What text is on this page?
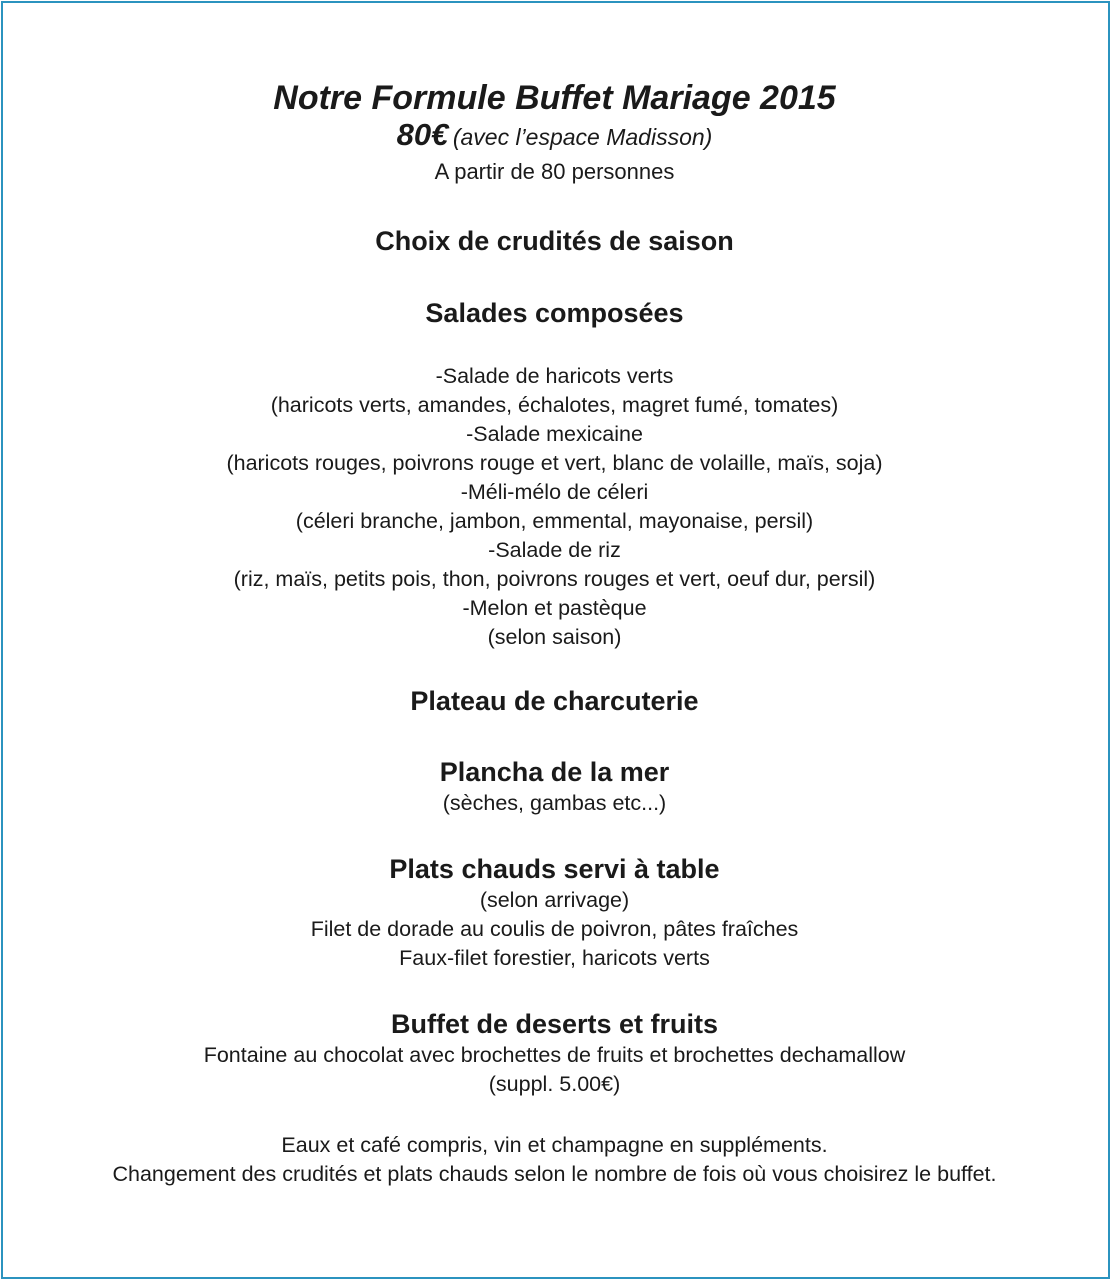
Notre Formule Buffet Mariage 2015

80€ (avec l’espace Madisson)

A partir de 80 personnes

Choix de crudités de saison

Salades composées

-Salade de haricots verts

(haricots verts, amandes, échalotes, magret fumé, tomates)

-Salade mexicaine

(haricots rouges, poivrons rouge et vert, blanc de volaille, maïs, soja)

-Méli-mélo de céleri

(céleri branche, jambon, emmental, mayonaise, persil)

-Salade de riz

(riz, maïs, petits pois, thon, poivrons rouges et vert, oeuf dur, persil)

-Melon et pastèque

(selon saison)

Plateau de charcuterie

Plancha de la mer

(sèches, gambas etc...)

Plats chauds servi à table

(selon arrivage)

Filet de dorade au coulis de poivron, pâtes fraîches

Faux-filet forestier, haricots verts

Buffet de deserts et fruits

Fontaine au chocolat avec brochettes de fruits et brochettes dechamallow

(suppl. 5.00€)

Eaux et café compris, vin et champagne en suppléments.

Changement des crudités et plats chauds selon le nombre de fois où vous choisirez le buffet.
